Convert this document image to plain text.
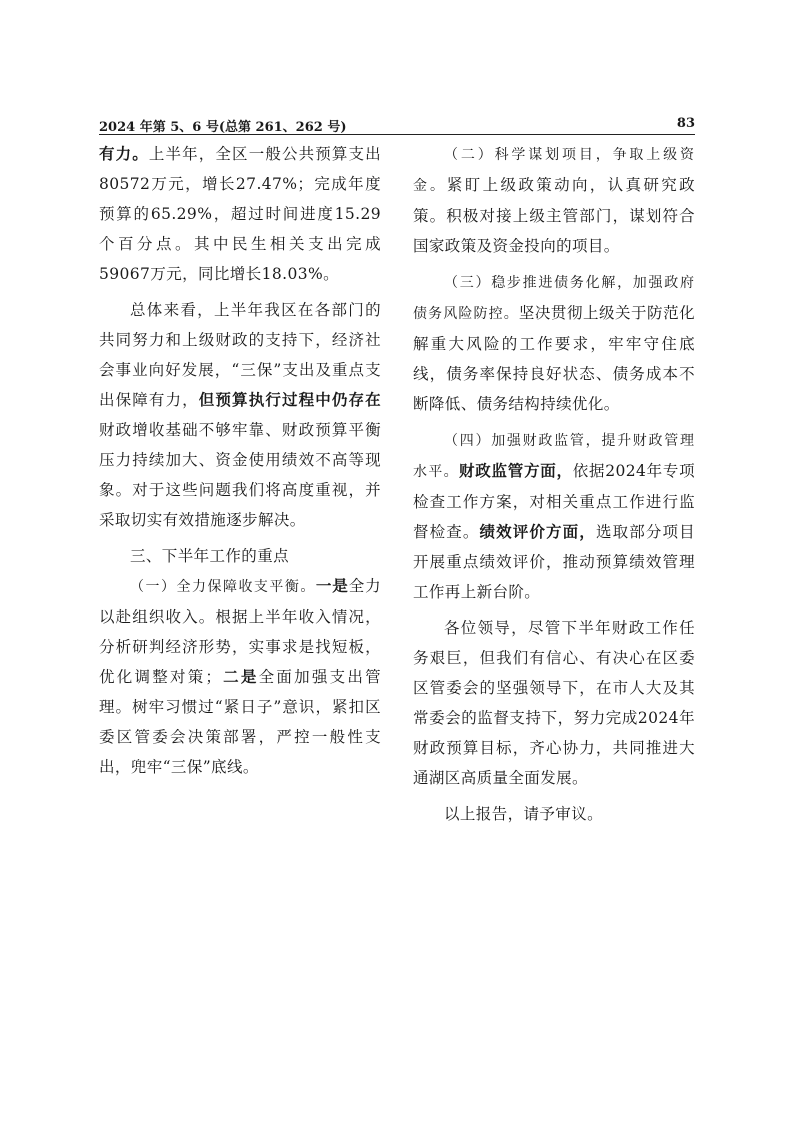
2024 年第 5、6 号(总第 261、262 号)	83

有力。上半年，全区一般公共预算支出80572万元，增长27.47%；完成年度预算的65.29%，超过时间进度15.29个百分点。其中民生相关支出完成59067万元，同比增长18.03%。

总体来看，上半年我区在各部门的共同努力和上级财政的支持下，经济社会事业向好发展，“三保”支出及重点支出保障有力，但预算执行过程中仍存在财政增收基础不够牢靠、财政预算平衡压力持续加大、资金使用绩效不高等现象。对于这些问题我们将高度重视，并采取切实有效措施逐步解决。

三、下半年工作的重点

（一）全力保障收支平衡。一是全力以赴组织收入。根据上半年收入情况，分析研判经济形势，实事求是找短板，优化调整对策；二是全面加强支出管理。树牢习惯过“紧日子”意识，紧扣区委区管委会决策部署，严控一般性支出，兜牢“三保”底线。

（二）科学谋划项目，争取上级资金。紧盯上级政策动向，认真研究政策。积极对接上级主管部门，谋划符合国家政策及资金投向的项目。

（三）稳步推进债务化解，加强政府债务风险防控。坚决贯彻上级关于防范化解重大风险的工作要求，牢牢守住底线，债务率保持良好状态、债务成本不断降低、债务结构持续优化。

（四）加强财政监管，提升财政管理水平。财政监管方面，依据2024年专项检查工作方案，对相关重点工作进行监督检查。绩效评价方面，选取部分项目开展重点绩效评价，推动预算绩效管理工作再上新台阶。

各位领导，尽管下半年财政工作任务艰巨，但我们有信心、有决心在区委区管委会的坚强领导下，在市人大及其常委会的监督支持下，努力完成2024年财政预算目标，齐心协力，共同推进大通湖区高质量全面发展。

以上报告，请予审议。
